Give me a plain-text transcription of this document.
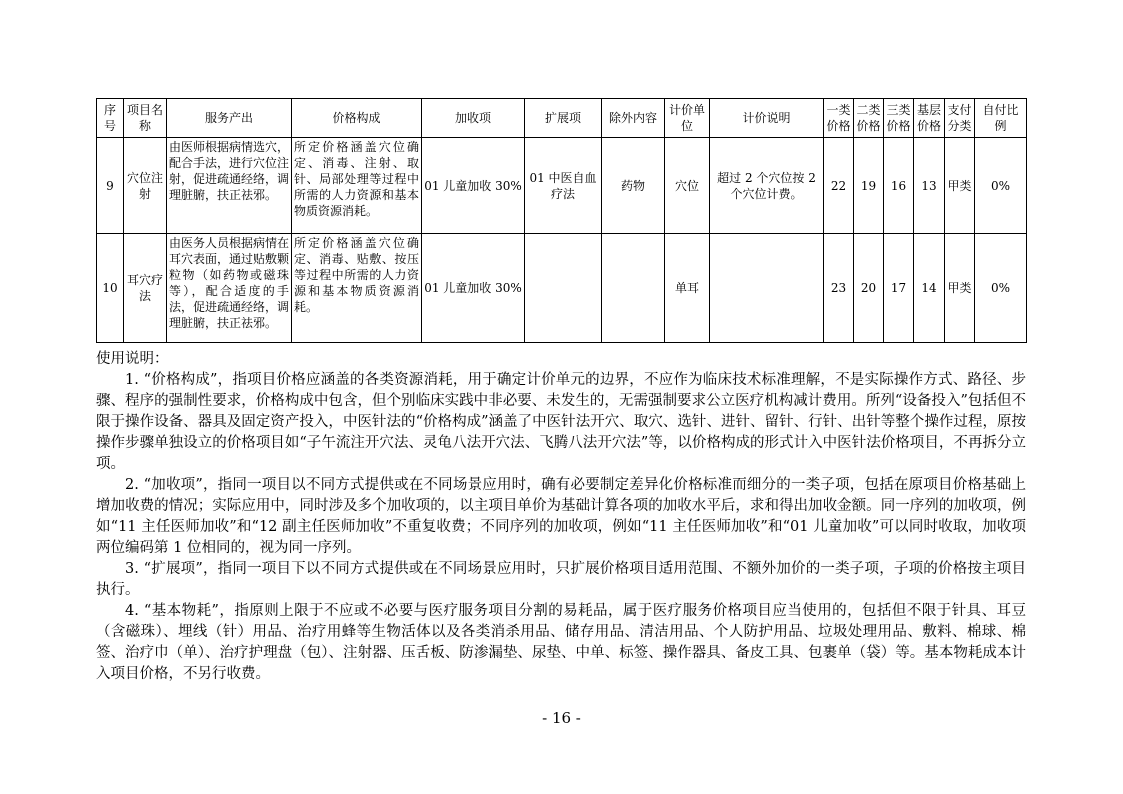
序号	项目名称	服务产出	价格构成	加收项	扩展项	除外内容	计价单位	计价说明	一类价格	二类价格	三类价格	基层价格	支付分类	自付比例
9	穴位注射	由医师根据病情选穴，配合手法，进行穴位注射，促进疏通经络，调理脏腑，扶正祛邪。	所定价格涵盖穴位确定、消毒、注射、取针、局部处理等过程中所需的人力资源和基本物质资源消耗。	01 儿童加收 30%	01 中医自血疗法	药物	穴位	超过 2 个穴位按 2 个穴位计费。	22	19	16	13	甲类	0%
10	耳穴疗法	由医务人员根据病情在耳穴表面，通过贴敷颗粒物（如药物或磁珠等），配合适度的手法，促进疏通经络，调理脏腑，扶正祛邪。	所定价格涵盖穴位确定、消毒、贴敷、按压等过程中所需的人力资源和基本物质资源消耗。	01 儿童加收 30%			单耳		23	20	17	14	甲类	0%

使用说明：

1. “价格构成”，指项目价格应涵盖的各类资源消耗，用于确定计价单元的边界，不应作为临床技术标准理解，不是实际操作方式、路径、步骤、程序的强制性要求，价格构成中包含，但个别临床实践中非必要、未发生的，无需强制要求公立医疗机构减计费用。所列“设备投入”包括但不限于操作设备、器具及固定资产投入，中医针法的“价格构成”涵盖了中医针法开穴、取穴、选针、进针、留针、行针、出针等整个操作过程，原按操作步骤单独设立的价格项目如“子午流注开穴法、灵龟八法开穴法、飞腾八法开穴法”等，以价格构成的形式计入中医针法价格项目，不再拆分立项。

2. “加收项”，指同一项目以不同方式提供或在不同场景应用时，确有必要制定差异化价格标准而细分的一类子项，包括在原项目价格基础上增加收费的情况；实际应用中，同时涉及多个加收项的，以主项目单价为基础计算各项的加收水平后，求和得出加收金额。同一序列的加收项，例如“11 主任医师加收”和“12 副主任医师加收”不重复收费；不同序列的加收项，例如“11 主任医师加收”和“01 儿童加收”可以同时收取，加收项两位编码第 1 位相同的，视为同一序列。

3. “扩展项”，指同一项目下以不同方式提供或在不同场景应用时，只扩展价格项目适用范围、不额外加价的一类子项，子项的价格按主项目执行。

4. “基本物耗”，指原则上限于不应或不必要与医疗服务项目分割的易耗品，属于医疗服务价格项目应当使用的，包括但不限于针具、耳豆（含磁珠）、埋线（针）用品、治疗用蜂等生物活体以及各类消杀用品、储存用品、清洁用品、个人防护用品、垃圾处理用品、敷料、棉球、棉签、治疗巾（单）、治疗护理盘（包）、注射器、压舌板、防渗漏垫、尿垫、中单、标签、操作器具、备皮工具、包裹单（袋）等。基本物耗成本计入项目价格，不另行收费。

- 16 -
